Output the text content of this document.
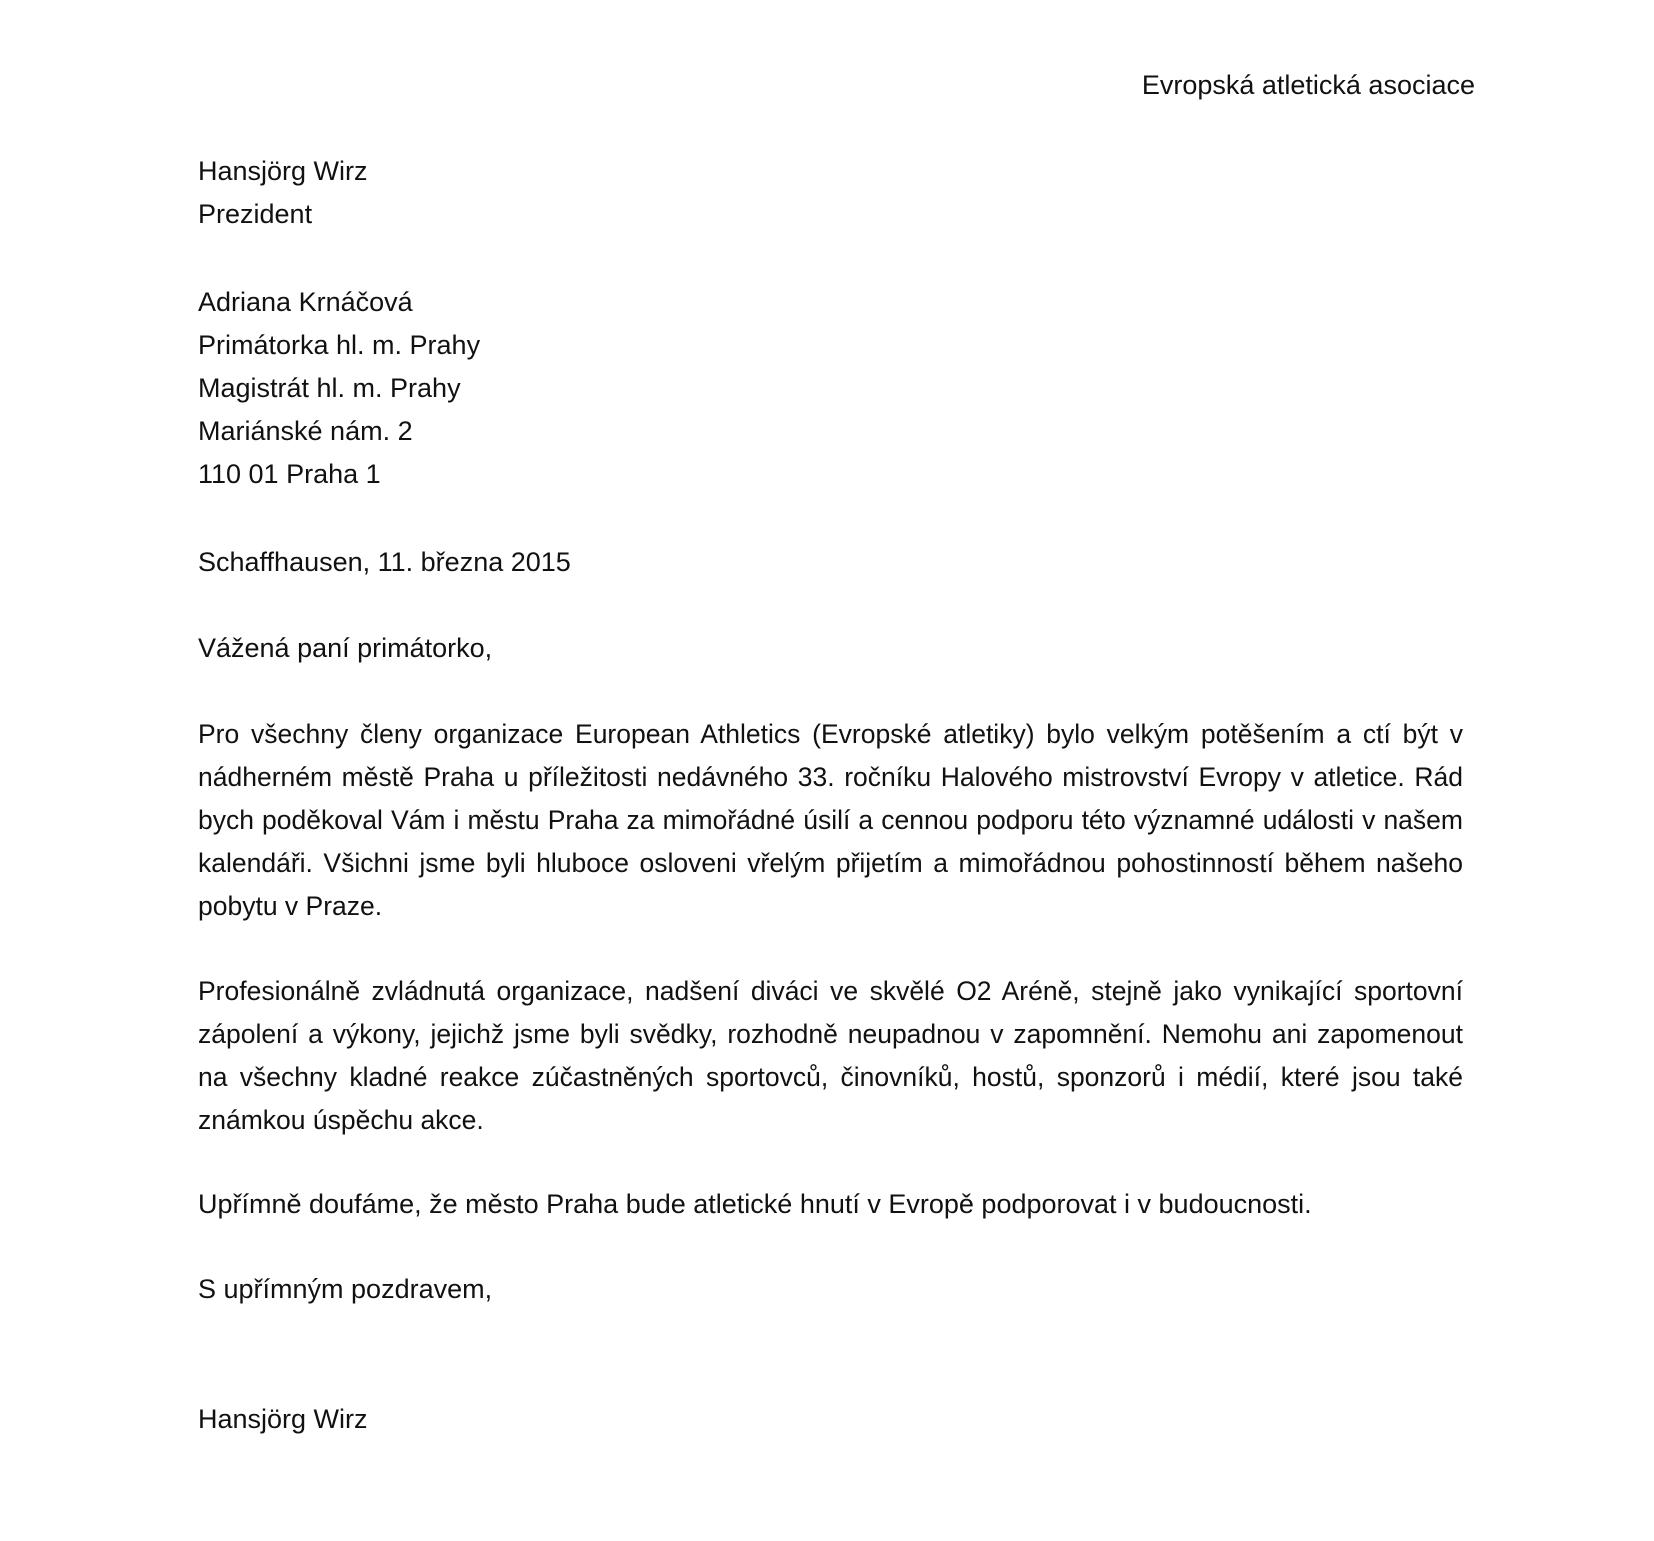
Evropská atletická asociace
Hansjörg Wirz
Prezident
Adriana Krnáčová
Primátorka hl. m. Prahy
Magistrát hl. m. Prahy
Mariánské nám. 2
110 01 Praha 1
Schaffhausen, 11. března 2015
Vážená paní primátorko,
Pro všechny členy organizace European Athletics (Evropské atletiky) bylo velkým potěšením a ctí být v nádherném městě Praha u příležitosti nedávného 33. ročníku Halového mistrovství Evropy v atletice. Rád bych poděkoval Vám i městu Praha za mimořádné úsilí a cennou podporu této významné události v našem kalendáři. Všichni jsme byli hluboce osloveni vřelým přijetím a mimořádnou pohostinností během našeho pobytu v Praze.
Profesionálně zvládnutá organizace, nadšení diváci ve skvělé O2 Aréně, stejně jako vynikající sportovní zápolení a výkony, jejichž jsme byli svědky, rozhodně neupadnou v zapomnění. Nemohu ani zapomenout na všechny kladné reakce zúčastněných sportovců, činovníků, hostů, sponzorů i médií, které jsou také známkou úspěchu akce.
Upřímně doufáme, že město Praha bude atletické hnutí v Evropě podporovat i v budoucnosti.
S upřímným pozdravem,
Hansjörg Wirz
